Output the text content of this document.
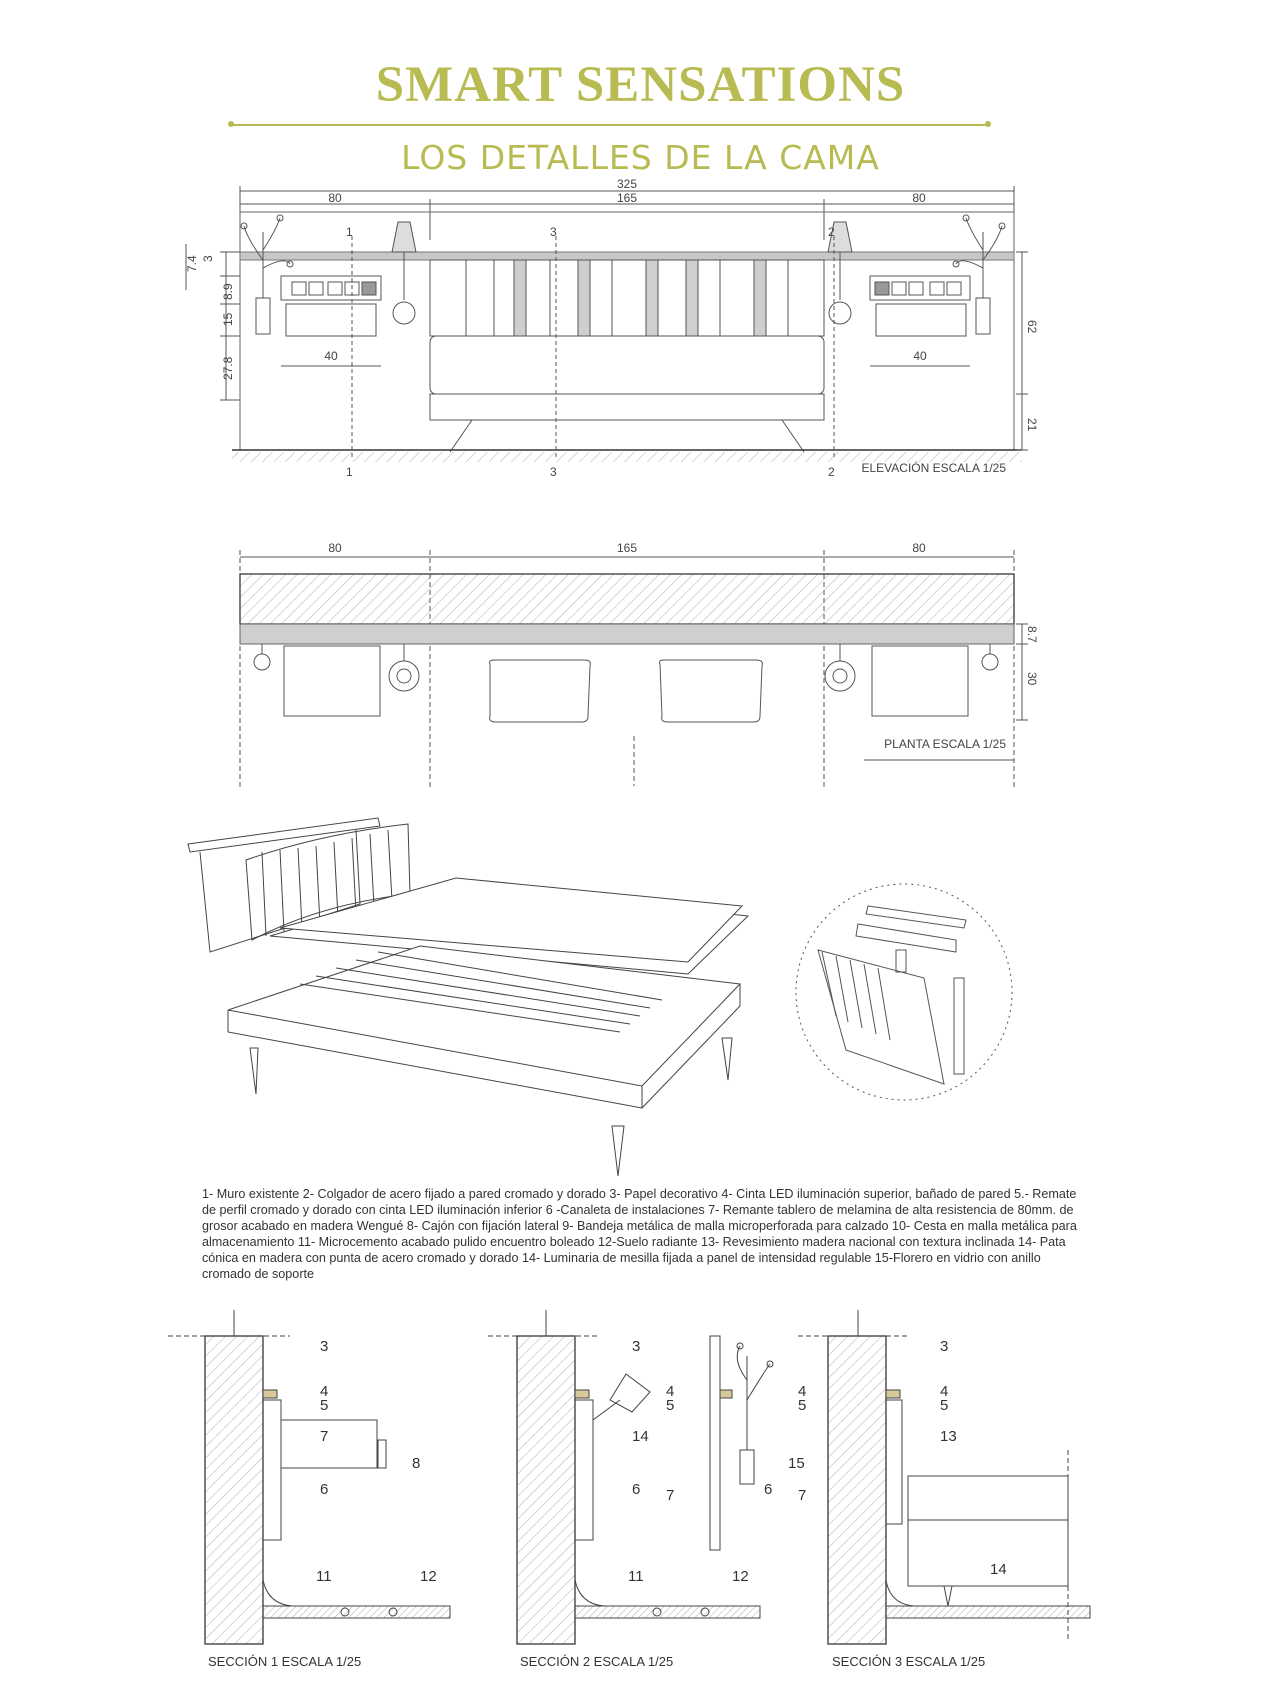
SMART SENSATIONS
LOS DETALLES DE LA CAMA
325
80	165	80
40	40
7.4 3
8.9
15
27.8
62
21
1	3	2
1	3	2 ELEVACIÓN ESCALA 1/25
80	165	80
8.7
30
PLANTA ESCALA 1/25
3
4
5
7
8
6
11	12
3
4
5
14
6 7
11	12
4
5
15
6 7
3
4
5
13
14

1- Muro existente 2- Colgador de acero fijado a pared cromado y dorado 3- Papel decorativo 4- Cinta LED iluminación superior, bañado de pared 5.- Remate de perfil cromado y dorado con cinta LED iluminación inferior 6 -Canaleta de instalaciones 7- Remante tablero de melamina de alta resistencia de 80mm. de grosor acabado en madera Wengué 8- Cajón con fijación lateral 9- Bandeja metálica de malla microperforada para calzado 10- Cesta en malla metálica para almacenamiento 11- Microcemento acabado pulido encuentro boleado 12-Suelo radiante 13- Revesimiento madera nacional con textura inclinada 14- Pata cónica en madera con punta de acero cromado y dorado 14- Luminaria de mesilla fijada a panel de intensidad regulable 15-Florero en vidrio con anillo cromado de soporte

SECCIÓN 1 ESCALA 1/25	SECCIÓN 2 ESCALA 1/25	SECCIÓN 3 ESCALA 1/25
